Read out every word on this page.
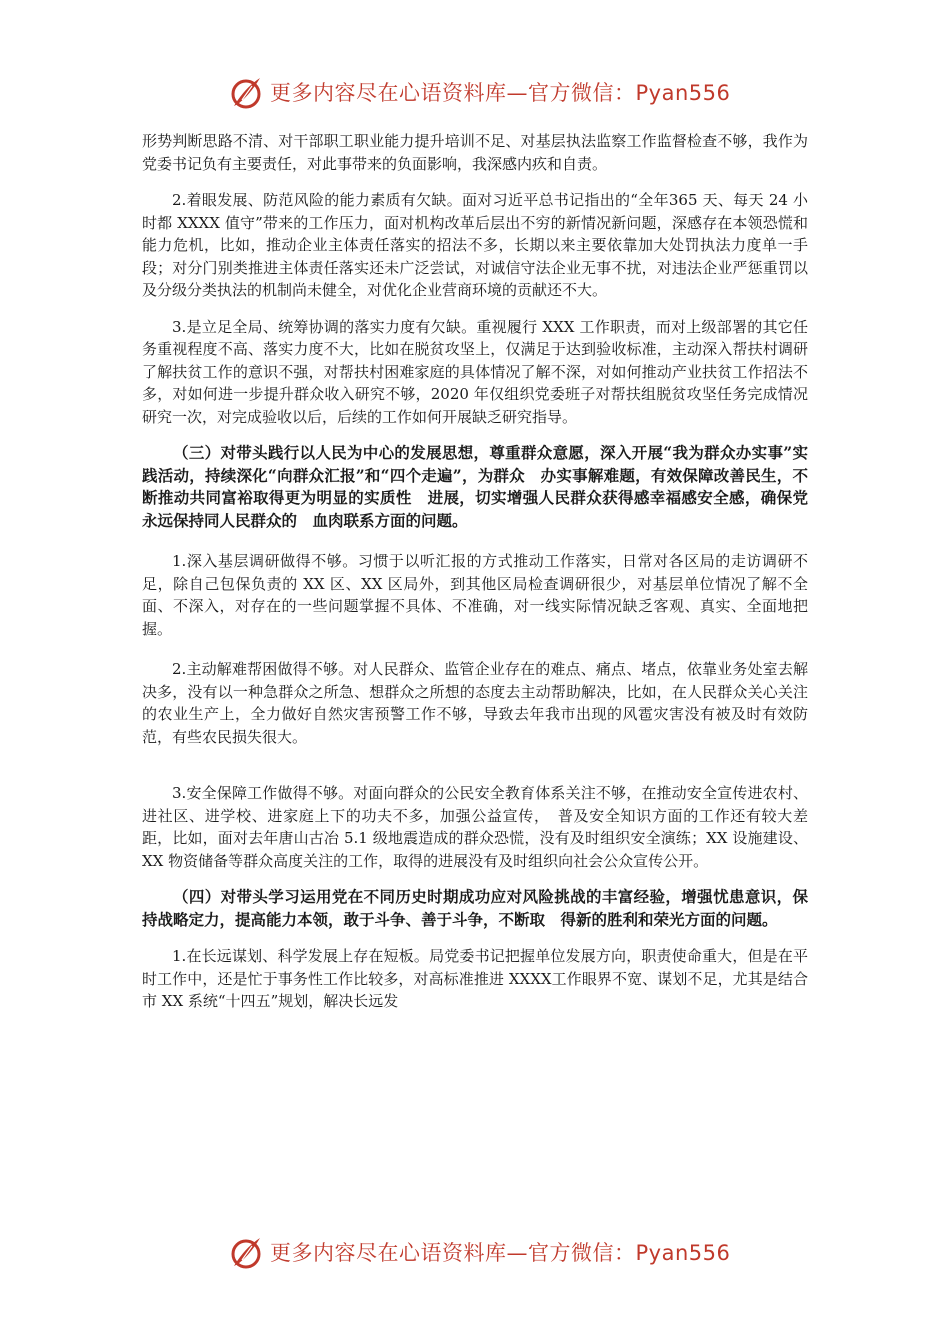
更多内容尽在心语资料库—官方微信：Pyan556

形势判断思路不清、对干部职工职业能力提升培训不足、对基层执法监察工作监督检查不够，我作为党委书记负有主要责任，对此事带来的负面影响，我深感内疚和自责。

2.着眼发展、防范风险的能力素质有欠缺。面对习近平总书记指出的“全年365 天、每天 24 小时都 XXXX 值守”带来的工作压力，面对机构改革后层出不穷的新情况新问题，深感存在本领恐慌和能力危机，比如，推动企业主体责任落实的招法不多，长期以来主要依靠加大处罚执法力度单一手段；对分门别类推进主体责任落实还未广泛尝试，对诚信守法企业无事不扰，对违法企业严惩重罚以及分级分类执法的机制尚未健全，对优化企业营商环境的贡献还不大。

3.是立足全局、统筹协调的落实力度有欠缺。重视履行 XXX 工作职责，而对上级部署的其它任务重视程度不高、落实力度不大，比如在脱贫攻坚上，仅满足于达到验收标准，主动深入帮扶村调研了解扶贫工作的意识不强，对帮扶村困难家庭的具体情况了解不深，对如何推动产业扶贫工作招法不多，对如何进一步提升群众收入研究不够，2020 年仅组织党委班子对帮扶组脱贫攻坚任务完成情况研究一次，对完成验收以后，后续的工作如何开展缺乏研究指导。

（三）对带头践行以人民为中心的发展思想，尊重群众意愿，深入开展“我为群众办实事”实践活动，持续深化“向群众汇报”和“四个走遍”，为群众　办实事解难题，有效保障改善民生，不断推动共同富裕取得更为明显的实质性　进展，切实增强人民群众获得感幸福感安全感，确保党永远保持同人民群众的　血肉联系方面的问题。

1.深入基层调研做得不够。习惯于以听汇报的方式推动工作落实，日常对各区局的走访调研不足，除自己包保负责的 XX 区、XX 区局外，到其他区局检查调研很少，对基层单位情况了解不全面、不深入，对存在的一些问题掌握不具体、不准确，对一线实际情况缺乏客观、真实、全面地把握。

2.主动解难帮困做得不够。对人民群众、监管企业存在的难点、痛点、堵点，依靠业务处室去解决多，没有以一种急群众之所急、想群众之所想的态度去主动帮助解决，比如，在人民群众关心关注的农业生产上，全力做好自然灾害预警工作不够，导致去年我市出现的风雹灾害没有被及时有效防范，有些农民损失很大。

3.安全保障工作做得不够。对面向群众的公民安全教育体系关注不够，在推动安全宣传进农村、进社区、进学校、进家庭上下的功夫不多，加强公益宣传，　普及安全知识方面的工作还有较大差距，比如，面对去年唐山古冶 5.1 级地震造成的群众恐慌，没有及时组织安全演练；XX 设施建设、XX 物资储备等群众高度关注的工作，取得的进展没有及时组织向社会公众宣传公开。

（四）对带头学习运用党在不同历史时期成功应对风险挑战的丰富经验，增强忧患意识，保持战略定力，提高能力本领，敢于斗争、善于斗争，不断取　得新的胜利和荣光方面的问题。

1.在长远谋划、科学发展上存在短板。局党委书记把握单位发展方向，职责使命重大，但是在平时工作中，还是忙于事务性工作比较多，对高标准推进 XXXX工作眼界不宽、谋划不足，尤其是结合市 XX 系统“十四五”规划，解决长远发

更多内容尽在心语资料库—官方微信：Pyan556
